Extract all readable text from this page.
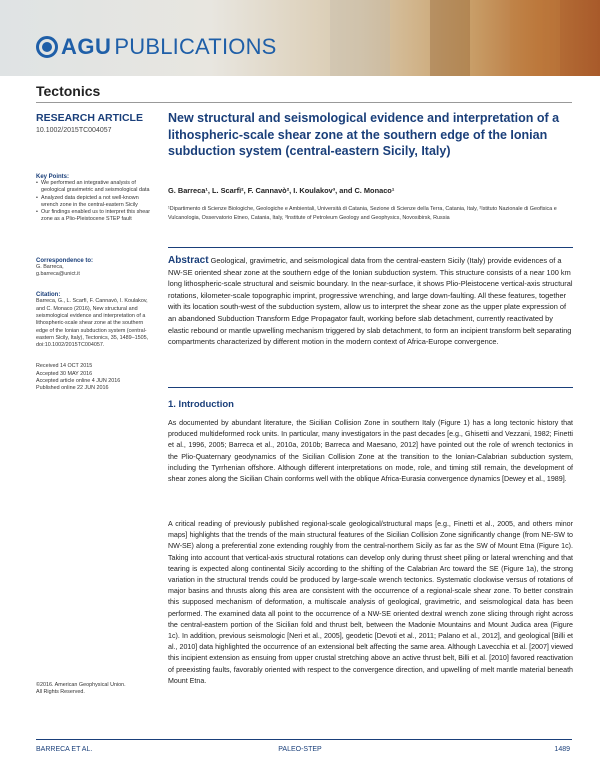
AGU PUBLICATIONS
Tectonics
RESEARCH ARTICLE
10.1002/2015TC004057
Key Points:
• We performed an integrative analysis of geological gravimetric and seismological data
• Analyzed data depicted a not well-known wrench zone in the central-eastern Sicily
• Our findings enabled us to interpret this shear zone as a Plio-Pleistocene STEP fault
Correspondence to:
G. Barreca,
g.barreca@unict.it
Citation:
Barreca, G., L. Scarfì, F. Cannavò, I. Koulakov, and C. Monaco (2016), New structural and seismological evidence and interpretation of a lithospheric-scale shear zone at the southern edge of the Ionian subduction system (central-eastern Sicily, Italy), Tectonics, 35, 1489–1505, doi:10.1002/2015TC004057.
Received 14 OCT 2015
Accepted 30 MAY 2016
Accepted article online 4 JUN 2016
Published online 22 JUN 2016
New structural and seismological evidence and interpretation of a lithospheric-scale shear zone at the southern edge of the Ionian subduction system (central-eastern Sicily, Italy)
G. Barreca¹, L. Scarfì², F. Cannavò², I. Koulakov³, and C. Monaco¹
¹Dipartimento di Scienze Biologiche, Geologiche e Ambientali, Università di Catania, Sezione di Scienze della Terra, Catania, Italy, ²Istituto Nazionale di Geofisica e Vulcanologia, Osservatorio Etneo, Catania, Italy, ³Institute of Petroleum Geology and Geophysics, Novosibirsk, Russia
Abstract Geological, gravimetric, and seismological data from the central-eastern Sicily (Italy) provide evidences of a NW-SE oriented shear zone at the southern edge of the Ionian subduction system. This structure consists of a near 100 km long lithospheric-scale structural and seismic boundary. In the near-surface, it shows Plio-Pleistocene vertical-axis structural rotations, kilometer-scale topographic imprint, progressive wrenching, and large down-faulting. All these features, together with its location south-west of the subduction system, allow us to interpret the shear zone as the upper plate expression of an abandoned Subduction Transform Edge Propagator fault, working before slab detachment, currently reactivated by elastic rebound or mantle upwelling mechanism triggered by slab detachment, to form an incipient transform belt separating compartments characterized by different motion in the modern context of Africa-Europe convergence.
1. Introduction
As documented by abundant literature, the Sicilian Collision Zone in southern Italy (Figure 1) has a long tectonic history that produced multideformed rock units. In particular, many investigators in the past decades [e.g., Ghisetti and Vezzani, 1982; Finetti et al., 1996, 2005; Barreca et al., 2010a, 2010b; Barreca and Maesano, 2012] have pointed out the role of wrench tectonics in the Plio-Quaternary geodynamics of the Sicilian Collision Zone at the transition to the Ionian-Calabrian subduction system, including the Tyrrhenian offshore. Although different interpretations on mode, role, and timing still remain, the development of shear zones along the Sicilian Chain conforms well with the oblique Africa-Eurasia convergence dynamics [Dewey et al., 1989].
A critical reading of previously published regional-scale geological/structural maps [e.g., Finetti et al., 2005, and others minor maps] highlights that the trends of the main structural features of the Sicilian Collision Zone significantly change (from NE-SW to NW-SE) along a preferential zone extending roughly from the central-northern Sicily as far as the SW of Mount Etna (Figure 1c). Taking into account that vertical-axis structural rotations can develop only during thrust sheet piling or lateral wrenching and that tearing is expected along continental Sicily according to the shifting of the Calabrian Arc toward the SE (Figure 1a), the strong variation in the structural trends could be produced by large-scale wrench tectonics. Systematic clockwise versus of rotations of major basins and thrusts along this area are consistent with the occurrence of a regional-scale shear zone. To better constrain this supposed mechanism of deformation, a multiscale analysis of geological, gravimetric, and seismological data has been performed. The examined data all point to the occurrence of a NW-SE oriented dextral wrench zone slicing through right across the central-eastern portion of the Sicilian fold and thrust belt, between the Madonie Mountains and Mount Judica area (Figure 1c). In addition, previous seismologic [Neri et al., 2005], geodetic [Devoti et al., 2011; Palano et al., 2012], and geological [Billi et al., 2010] data highlighted the occurrence of an extensional belt affecting the same area. Although Lavecchia et al. [2007] viewed this incipient extension as ensuing from upper crustal stretching above an active thrust belt, Billi et al. [2010] favored reactivation of preexisting faults, favorably oriented with respect to the convergence direction, and upwelling of melt mantle material beneath Mount Etna.
©2016. American Geophysical Union.
All Rights Reserved.
BARRECA ET AL.	PALEO-STEP	1489
